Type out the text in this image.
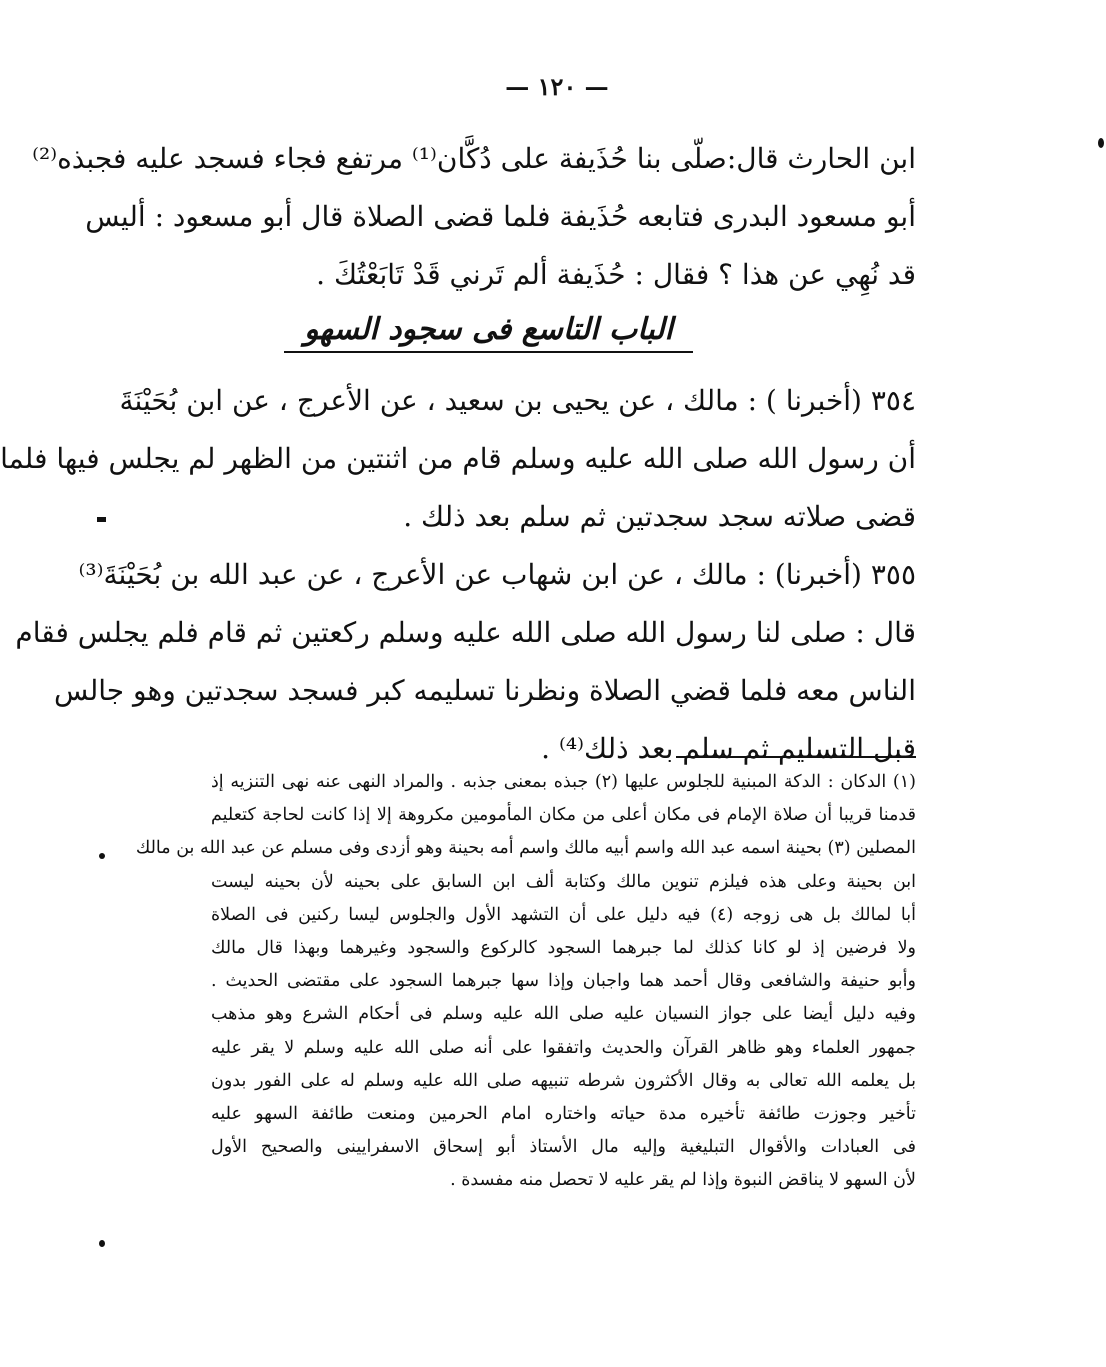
— ١٢٠ —
ابن الحارث قال:صلّى بنا حُذَيفة على دُكَّان⁽¹⁾ مرتفع فجاء فسجد عليه فجبذه⁽²⁾
أبو مسعود البدرى فتابعه حُذَيفة فلما قضى الصلاة قال أبو مسعود : أليس
قد نُهِي عن هذا ؟ فقال : حُذَيفة ألم تَرني قَدْ تَابَعْتُكَ .
الباب التاسع فى سجود السهو
٣٥٤ (أخبرنا ) : مالك ، عن يحيى بن سعيد ، عن الأعرج ، عن ابن بُحَيْنَةَ
أن رسول الله صلى الله عليه وسلم قام من اثنتين من الظهر لم يجلس فيها فلما
قضى صلاته سجد سجدتين ثم سلم بعد ذلك .
٣٥٥ (أخبرنا) : مالك ، عن ابن شهاب عن الأعرج ، عن عبد الله بن بُحَيْنَةَ⁽³⁾
قال : صلى لنا رسول الله صلى الله عليه وسلم ركعتين ثم قام فلم يجلس فقام
الناس معه فلما قضي الصلاة ونظرنا تسليمه كبر فسجد سجدتين وهو جالس
قبل التسليم ثم سلم بعد ذلك⁽⁴⁾ .
(١) الدكان : الدكة المبنية للجلوس عليها (٢) جبذه بمعنى جذبه . والمراد النهى عنه نهى التنزيه إذ
قدمنا قريبا أن صلاة الإمام فى مكان أعلى من مكان المأمومين مكروهة إلا إذا كانت لحاجة كتعليم
المصلين (٣) بحينة اسمه عبد الله واسم أبيه مالك واسم أمه بحينة وهو أزدى وفى مسلم عن عبد الله بن مالك
ابن بحينة وعلى هذه فيلزم تنوين مالك وكتابة ألف ابن السابق على بحينه لأن بحينه ليست
أبا لمالك بل هى زوجه (٤) فيه دليل على أن التشهد الأول والجلوس ليسا ركنين فى الصلاة
ولا فرضين إذ لو كانا كذلك لما جبرهما السجود كالركوع والسجود وغيرهما وبهذا قال مالك
وأبو حنيفة والشافعى وقال أحمد هما واجبان وإذا سها جبرهما السجود على مقتضى الحديث .
وفيه دليل أيضا على جواز النسيان عليه صلى الله عليه وسلم فى أحكام الشرع وهو مذهب
جمهور العلماء وهو ظاهر القرآن والحديث واتفقوا على أنه صلى الله عليه وسلم لا يقر عليه
بل يعلمه الله تعالى به وقال الأكثرون شرطه تنبيهه صلى الله عليه وسلم له على الفور بدون
تأخير وجوزت طائفة تأخيره مدة حياته واختاره امام الحرمين ومنعت طائفة السهو عليه
فى العبادات والأقوال التبليغية وإليه مال الأستاذ أبو إسحاق الاسفرايينى والصحيح الأول
لأن السهو لا يناقض النبوة وإذا لم يقر عليه لا تحصل منه مفسدة .
